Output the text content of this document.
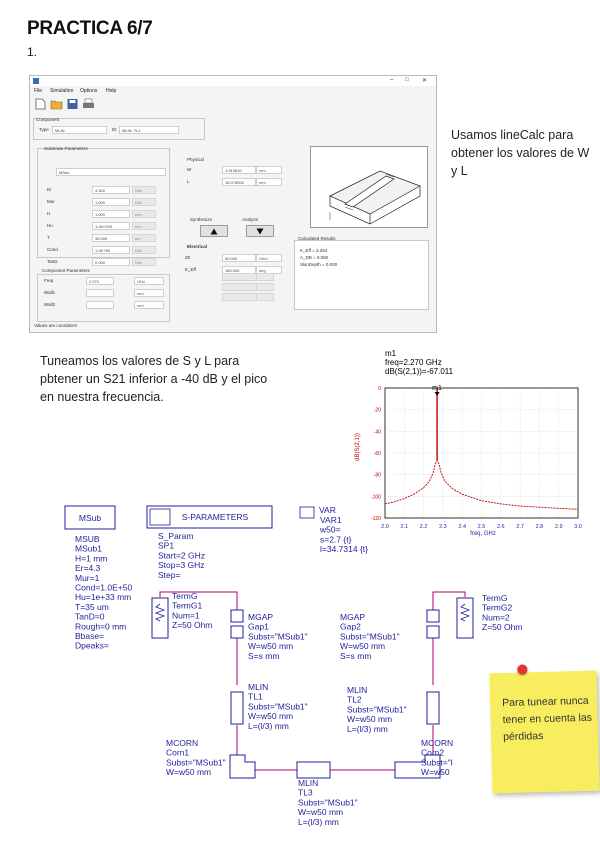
PRACTICA 6/7
1.
– □ ✕
File Simulation Options Help
Component
Type	MLIN	ID	MLIN: TL1
Substrate Parameters
MSub
Er	4.300	N/A
Mur	1.000	N/A
H	1.000	mm
Hu	1.0e+033	mm
T	35.000	um
Cond	1.0E+50	N/A
TanD	0.000	N/A
Component Parameters
Freq	2.270	GHz
Wall1	mm
Wall2	mm
Physical
W	1.913610	mm
L	18.078500	mm
Synthesize	Analyze
Electrical
Z0	50.000	Ohm
E_Eff	180.000	deg
Calculated Results
K_Eff = 3.254
A_DB = 0.000
SkinDepth = 0.000
Values are consistent
Usamos lineCalc para obtener los valores de W y L
Tuneamos los valores de S y L para pbtener un S21 inferior a -40 dB y el pico en nuestra frecuencia.
m1
freq=2.270 GHz
dB(S(2,1))=-67.011
0
-20
-40
-60
-80
-100
-120
2.0 2.1 2.2 2.3 2.4 2.5 2.6 2.7 2.8 2.9 3.0
m1
freq, GHz
dB(S(2,1))
MSub
MSUB
MSub1
H=1 mm
Er=4.3
Mur=1
Cond=1.0E+50
Hu=1e+33 mm
T=35 um
TanD=0
Rough=0 mm
Bbase=
Dpeaks=
S-PARAMETERS
S_Param
SP1
Start=2 GHz
Stop=3 GHz
Step=
VAR
VAR1
w50=
s=2.7 {t}
l=34.7314 {t}
TermG
TermG1
Num=1
Z=50 Ohm
TermG
TermG2
Num=2
Z=50 Ohm
MGAP
Gap1
Subst="MSub1"
W=w50 mm
S=s mm
MGAP
Gap2
Subst="MSub1"
W=w50 mm
S=s mm
MLIN
TL1
Subst="MSub1"
W=w50 mm
L=(l/3) mm
MLIN
TL2
Subst="MSub1"
W=w50 mm
L=(l/3) mm
MCORN
Corn1
Subst="MSub1"
W=w50 mm
MCORN
Corn2
Subst="l
W=w50
MLIN
TL3
Subst="MSub1"
W=w50 mm
L=(l/3) mm
Para tunear nunca tener en cuenta las pérdidas
